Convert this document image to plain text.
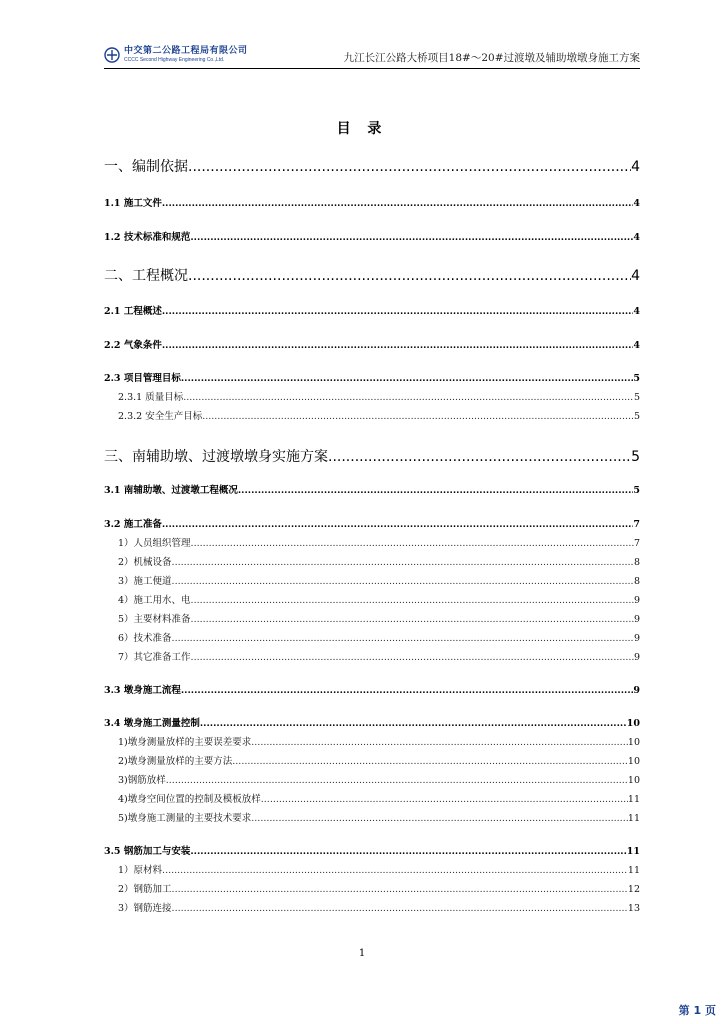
中交第二公路工程局有限公司
CCCC Second Highway Engineering Co.,Ltd.	九江长江公路大桥项目18#～20#过渡墩及辅助墩墩身施工方案
目 录
一、编制依据 .....	4
1.1 施工文件 .....	4
1.2 技术标准和规范 .....	4
二、工程概况 .....	4
2.1 工程概述 .....	4
2.2 气象条件 .....	4
2.3 项目管理目标 .....	5
2.3.1 质量目标 .....	5
2.3.2 安全生产目标 .....	5
三、南辅助墩、过渡墩墩身实施方案 .....	5
3.1 南辅助墩、过渡墩工程概况 .....	5
3.2 施工准备 .....	7
1）人员组织管理 .....	7
2）机械设备 .....	8
3）施工便道 .....	8
4）施工用水、电 .....	9
5）主要材料准备 .....	9
6）技术准备 .....	9
7）其它准备工作 .....	9
3.3 墩身施工流程 .....	9
3.4 墩身施工测量控制 .....	10
1)墩身测量放样的主要误差要求 .....	10
2)墩身测量放样的主要方法 .....	10
3)钢筋放样 .....	10
4)墩身空间位置的控制及模板放样 .....	11
5)墩身施工测量的主要技术要求 .....	11
3.5 钢筋加工与安装 .....	11
1）原材料 .....	11
2）钢筋加工 .....	12
3）钢筋连接 .....	13
1
第 1 页
